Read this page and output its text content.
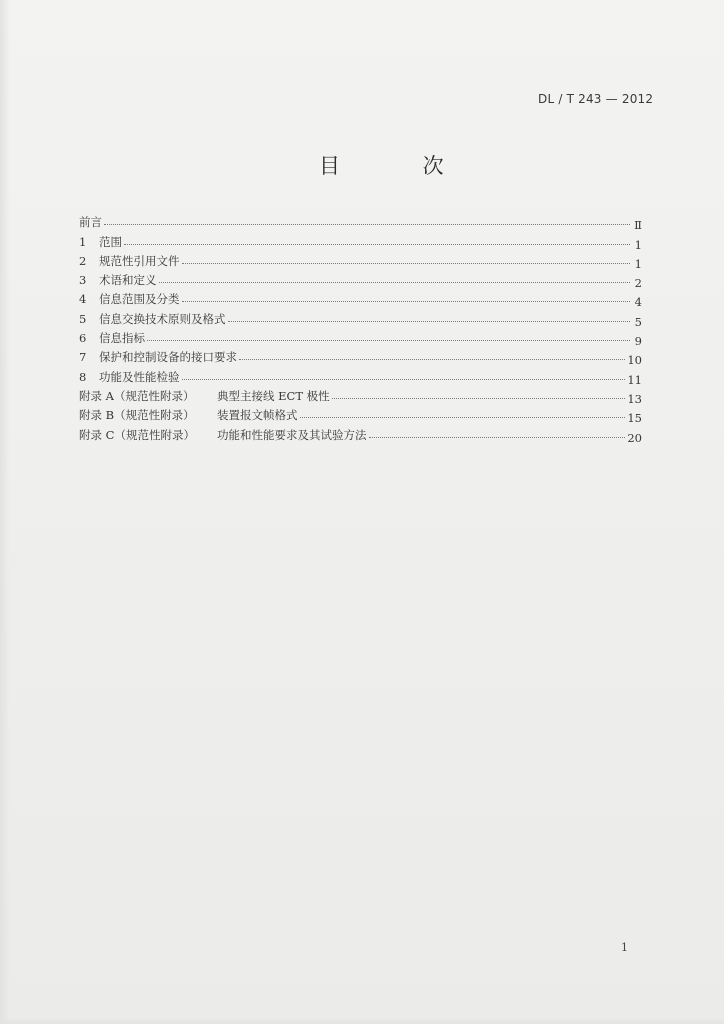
DL / T 243 — 2012
目 次
前言	Ⅱ
1	范围	1
2	规范性引用文件	1
3	术语和定义	2
4	信息范围及分类	4
5	信息交换技术原则及格式	5
6	信息指标	9
7	保护和控制设备的接口要求	10
8	功能及性能检验	11
附录 A（规范性附录）	典型主接线 ECT 极性	13
附录 B（规范性附录）	装置报文帧格式	15
附录 C（规范性附录）	功能和性能要求及其试验方法	20
1
